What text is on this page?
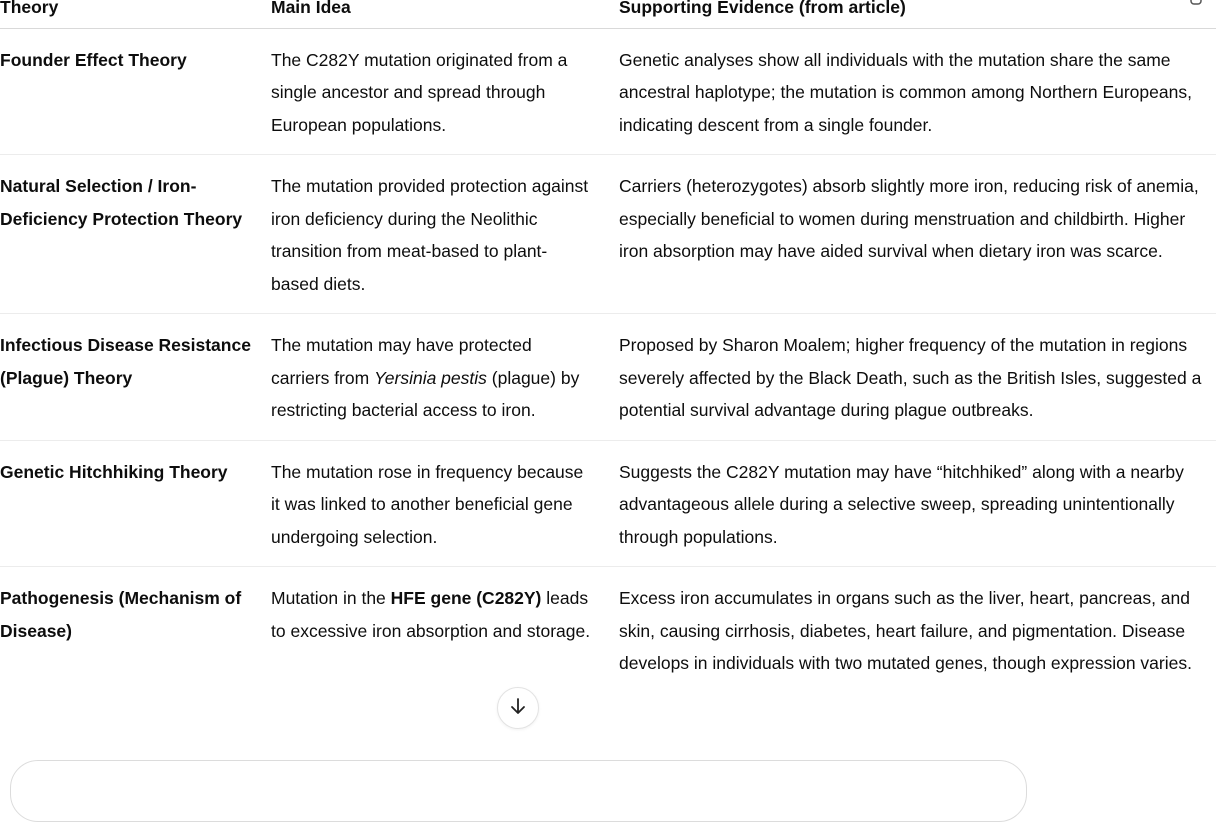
Theory	Main Idea	Supporting Evidence (from article)

Founder Effect Theory	The C282Y mutation originated from a single ancestor and spread through European populations.	Genetic analyses show all individuals with the mutation share the same ancestral haplotype; the mutation is common among Northern Europeans, indicating descent from a single founder.
Natural Selection / Iron-Deficiency Protection Theory	The mutation provided protection against iron deficiency during the Neolithic transition from meat-based to plant-based diets.	Carriers (heterozygotes) absorb slightly more iron, reducing risk of anemia, especially beneficial to women during menstruation and childbirth. Higher iron absorption may have aided survival when dietary iron was scarce.
Infectious Disease Resistance (Plague) Theory	The mutation may have protected carriers from Yersinia pestis (plague) by restricting bacterial access to iron.	Proposed by Sharon Moalem; higher frequency of the mutation in regions severely affected by the Black Death, such as the British Isles, suggested a potential survival advantage during plague outbreaks.
Genetic Hitchhiking Theory	The mutation rose in frequency because it was linked to another beneficial gene undergoing selection.	Suggests the C282Y mutation may have “hitchhiked” along with a nearby advantageous allele during a selective sweep, spreading unintentionally through populations.
Pathogenesis (Mechanism of Disease)	Mutation in the HFE gene (C282Y) leads to excessive iron absorption and storage.	Excess iron accumulates in organs such as the liver, heart, pancreas, and skin, causing cirrhosis, diabetes, heart failure, and pigmentation. Disease develops in individuals with two mutated genes, though expression varies.
